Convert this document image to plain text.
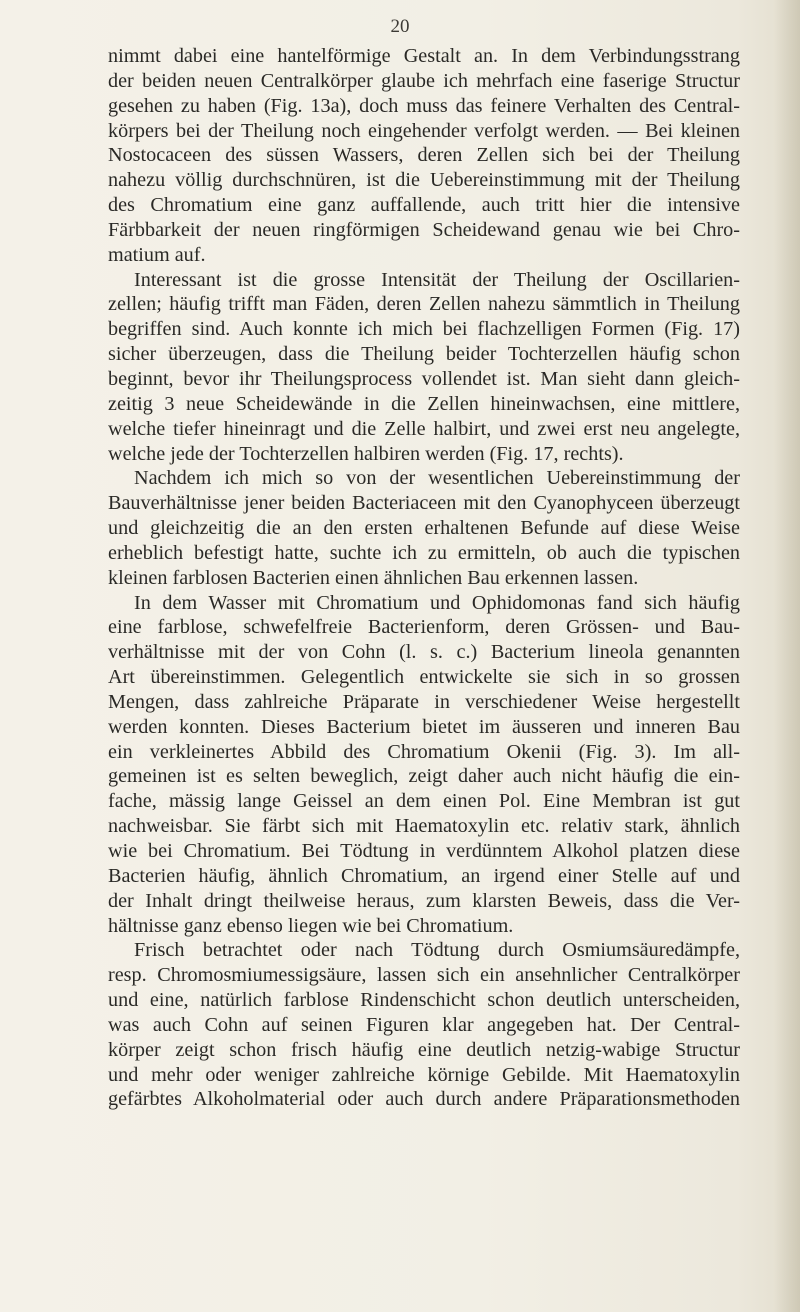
20
nimmt dabei eine hantelförmige Gestalt an. In dem Verbindungsstrang
der beiden neuen Centralkörper glaube ich mehrfach eine faserige Structur
gesehen zu haben (Fig. 13a), doch muss das feinere Verhalten des Central-
körpers bei der Theilung noch eingehender verfolgt werden. — Bei kleinen
Nostocaceen des süssen Wassers, deren Zellen sich bei der Theilung
nahezu völlig durchschnüren, ist die Uebereinstimmung mit der Theilung
des Chromatium eine ganz auffallende, auch tritt hier die intensive
Färbbarkeit der neuen ringförmigen Scheidewand genau wie bei Chro-
matium auf.
Interessant ist die grosse Intensität der Theilung der Oscillarien-
zellen; häufig trifft man Fäden, deren Zellen nahezu sämmtlich in Theilung
begriffen sind. Auch konnte ich mich bei flachzelligen Formen (Fig. 17)
sicher überzeugen, dass die Theilung beider Tochterzellen häufig schon
beginnt, bevor ihr Theilungsprocess vollendet ist. Man sieht dann gleich-
zeitig 3 neue Scheidewände in die Zellen hineinwachsen, eine mittlere,
welche tiefer hineinragt und die Zelle halbirt, und zwei erst neu angelegte,
welche jede der Tochterzellen halbiren werden (Fig. 17, rechts).
Nachdem ich mich so von der wesentlichen Uebereinstimmung der
Bauverhältnisse jener beiden Bacteriaceen mit den Cyanophyceen überzeugt
und gleichzeitig die an den ersten erhaltenen Befunde auf diese Weise
erheblich befestigt hatte, suchte ich zu ermitteln, ob auch die typischen
kleinen farblosen Bacterien einen ähnlichen Bau erkennen lassen.
In dem Wasser mit Chromatium und Ophidomonas fand sich häufig
eine farblose, schwefelfreie Bacterienform, deren Grössen- und Bau-
verhältnisse mit der von Cohn (l. s. c.) Bacterium lineola genannten
Art übereinstimmen. Gelegentlich entwickelte sie sich in so grossen
Mengen, dass zahlreiche Präparate in verschiedener Weise hergestellt
werden konnten. Dieses Bacterium bietet im äusseren und inneren Bau
ein verkleinertes Abbild des Chromatium Okenii (Fig. 3). Im all-
gemeinen ist es selten beweglich, zeigt daher auch nicht häufig die ein-
fache, mässig lange Geissel an dem einen Pol. Eine Membran ist gut
nachweisbar. Sie färbt sich mit Haematoxylin etc. relativ stark, ähnlich
wie bei Chromatium. Bei Tödtung in verdünntem Alkohol platzen diese
Bacterien häufig, ähnlich Chromatium, an irgend einer Stelle auf und
der Inhalt dringt theilweise heraus, zum klarsten Beweis, dass die Ver-
hältnisse ganz ebenso liegen wie bei Chromatium.
Frisch betrachtet oder nach Tödtung durch Osmiumsäuredämpfe,
resp. Chromosmiumessigsäure, lassen sich ein ansehnlicher Centralkörper
und eine, natürlich farblose Rindenschicht schon deutlich unterscheiden,
was auch Cohn auf seinen Figuren klar angegeben hat. Der Central-
körper zeigt schon frisch häufig eine deutlich netzig-wabige Structur
und mehr oder weniger zahlreiche körnige Gebilde. Mit Haematoxylin
gefärbtes Alkoholmaterial oder auch durch andere Präparationsmethoden
